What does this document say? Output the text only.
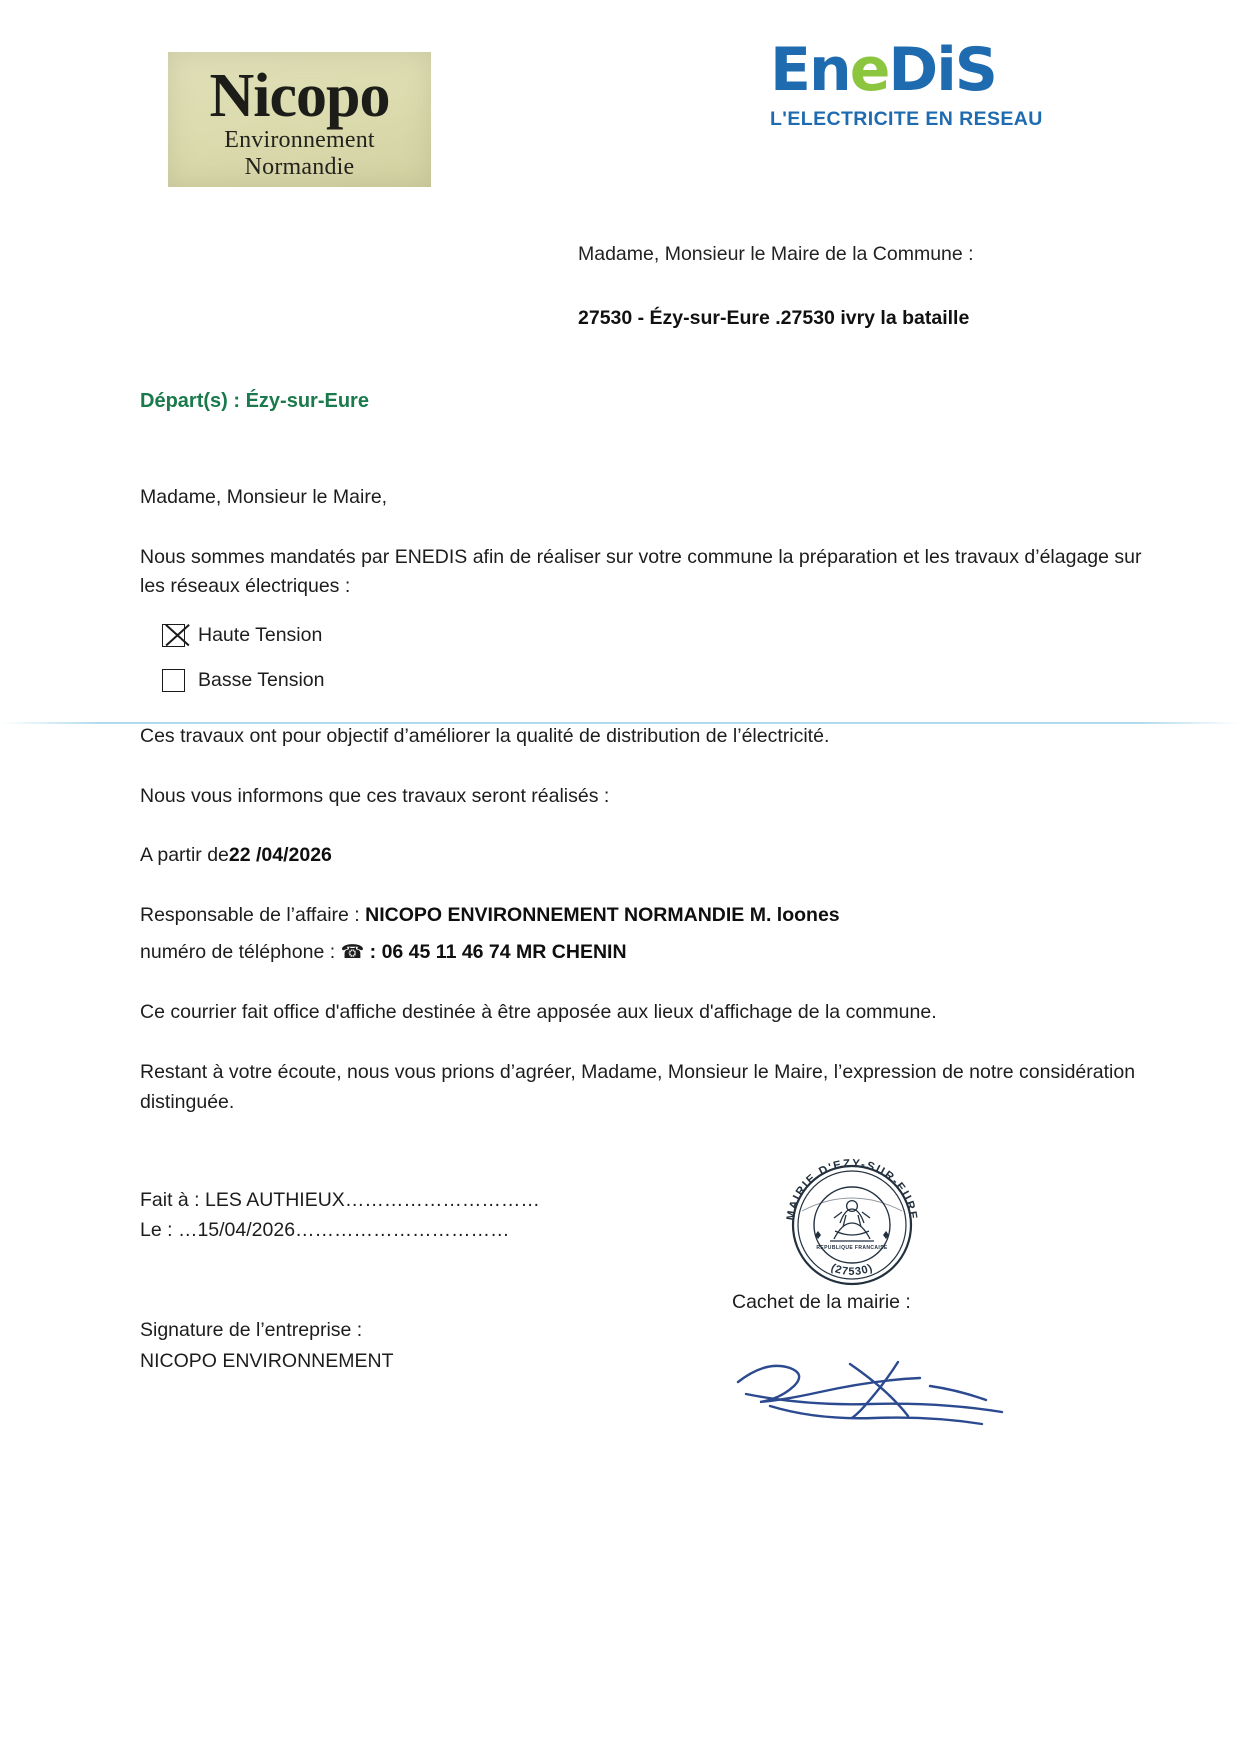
Nicopo
Environnement Normandie
EneDiS
L'ELECTRICITE EN RESEAU
Madame, Monsieur le Maire de la Commune :
27530 - Ézy-sur-Eure .27530 ivry la bataille
Départ(s) : Ézy-sur-Eure

Madame, Monsieur le Maire,

Nous sommes mandatés par ENEDIS afin de réaliser sur votre commune la préparation et les travaux d’élagage sur les réseaux électriques :

Haute Tension
Basse Tension

Ces travaux ont pour objectif d’améliorer la qualité de distribution de l’électricité.

Nous vous informons que ces travaux seront réalisés :

A partir de22 /04/2026

Responsable de l’affaire : NICOPO ENVIRONNEMENT NORMANDIE M. loones

numéro de téléphone : ☎ : 06 45 11 46 74 MR CHENIN

Ce courrier fait office d'affiche destinée à être apposée aux lieux d'affichage de la commune.

Restant à votre écoute, nous vous prions d’agréer, Madame, Monsieur le Maire, l’expression de notre considération distinguée.

Fait à : LES AUTHIEUX…………………………
Le : …15/04/2026……………………………
Signature de l’entreprise :
NICOPO ENVIRONNEMENT
MAIRIE D'EZY-SUR-EURE
(27530)
REPUBLIQUE FRANCAISE
Cachet de la mairie :
